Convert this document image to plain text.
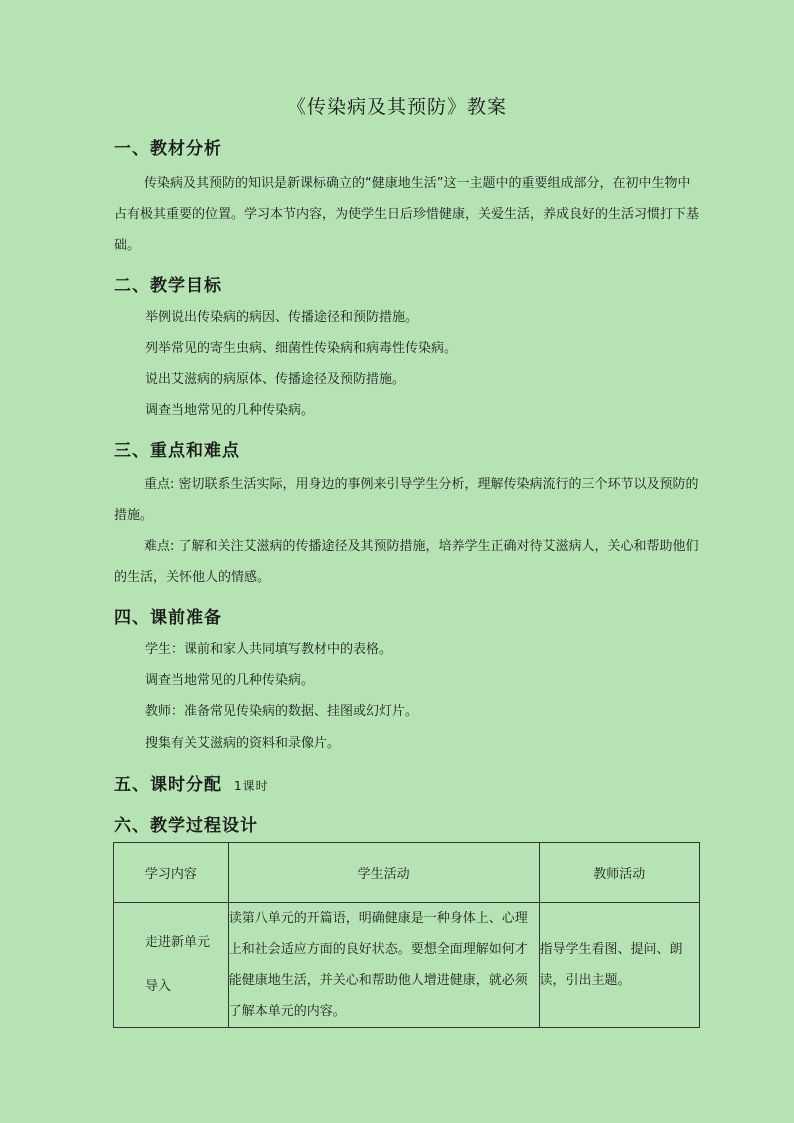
《传染病及其预防》教案
一、教材分析
传染病及其预防的知识是新课标确立的“健康地生活”这一主题中的重要组成部分，在初中生物中占有极其重要的位置。学习本节内容，为使学生日后珍惜健康，关爱生活，养成良好的生活习惯打下基础。
二、教学目标
举例说出传染病的病因、传播途径和预防措施。
列举常见的寄生虫病、细菌性传染病和病毒性传染病。
说出艾滋病的病原体、传播途径及预防措施。
调查当地常见的几种传染病。
三、重点和难点
重点: 密切联系生活实际，用身边的事例来引导学生分析，理解传染病流行的三个环节以及预防的措施。
难点: 了解和关注艾滋病的传播途径及其预防措施，培养学生正确对待艾滋病人，关心和帮助他们的生活，关怀他人的情感。
四、课前准备
学生：课前和家人共同填写教材中的表格。
调查当地常见的几种传染病。
教师：准备常见传染病的数据、挂图或幻灯片。
搜集有关艾滋病的资料和录像片。
五、课时分配 1课时
六、教学过程设计
学习内容	学生活动	教师活动

走进新单元
导入	读第八单元的开篇语，明确健康是一种身体上、心理上和社会适应方面的良好状态。要想全面理解如何才能健康地生活，并关心和帮助他人增进健康，就必须了解本单元的内容。	指导学生看图、提问、朗读，引出主题。
